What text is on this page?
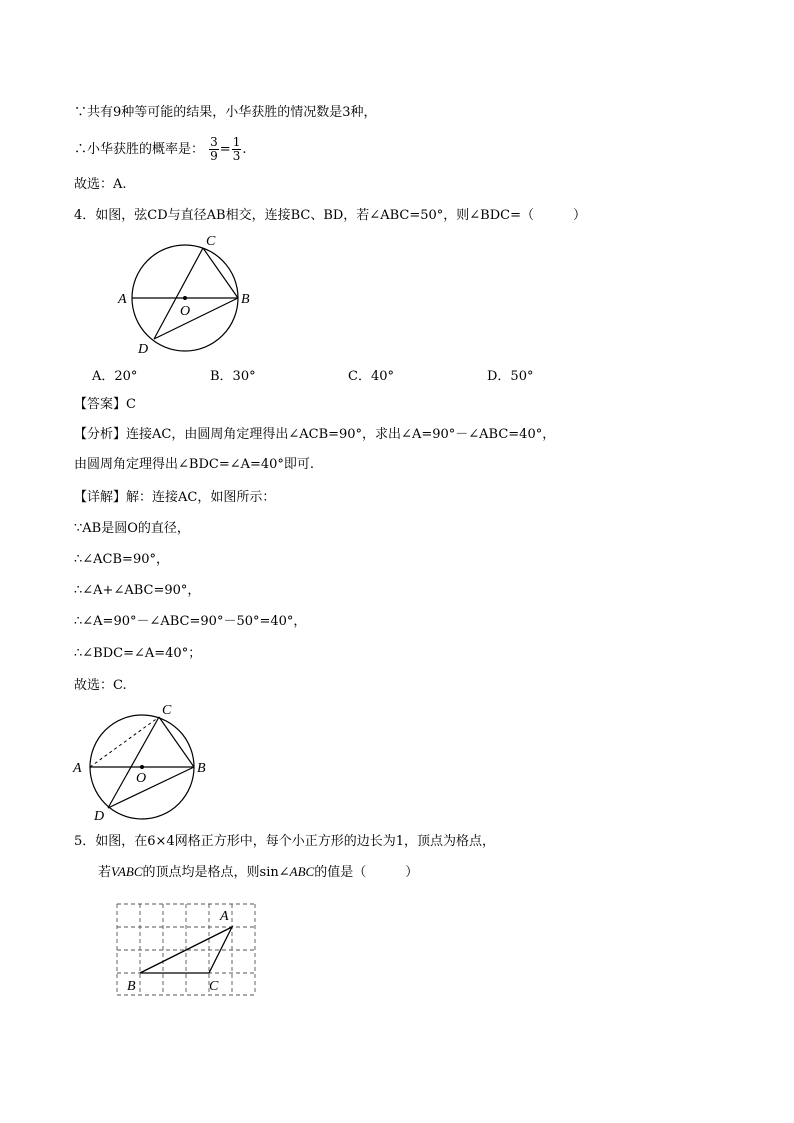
∵共有9种等可能的结果，小华获胜的情况数是3种，
∴小华获胜的概率是： $\frac{3}{9} = \frac{1}{3}$ .
故选：A.
4．如图，弦CD与直径AB相交，连接BC、BD，若∠ABC=50°，则∠BDC=（　　　）
A	B
C
D
O
A．20°	B．30°	C．40°	D．50°
【答案】C
【分析】连接AC，由圆周角定理得出∠ACB=90°，求出∠A=90°－∠ABC=40°，
由圆周角定理得出∠BDC=∠A=40°即可.
【详解】解：连接AC，如图所示：
∵AB是圆O的直径，
∴∠ACB=90°，
∴∠A+∠ABC=90°，
∴∠A=90°－∠ABC=90°－50°=40°，
∴∠BDC=∠A=40°；
故选：C.
A	B
C
D
O
5．如图，在6×4网格正方形中，每个小正方形的边长为1，顶点为格点，
若VABC的顶点均是格点，则sin∠ABC的值是（　　　）
A
B	C
